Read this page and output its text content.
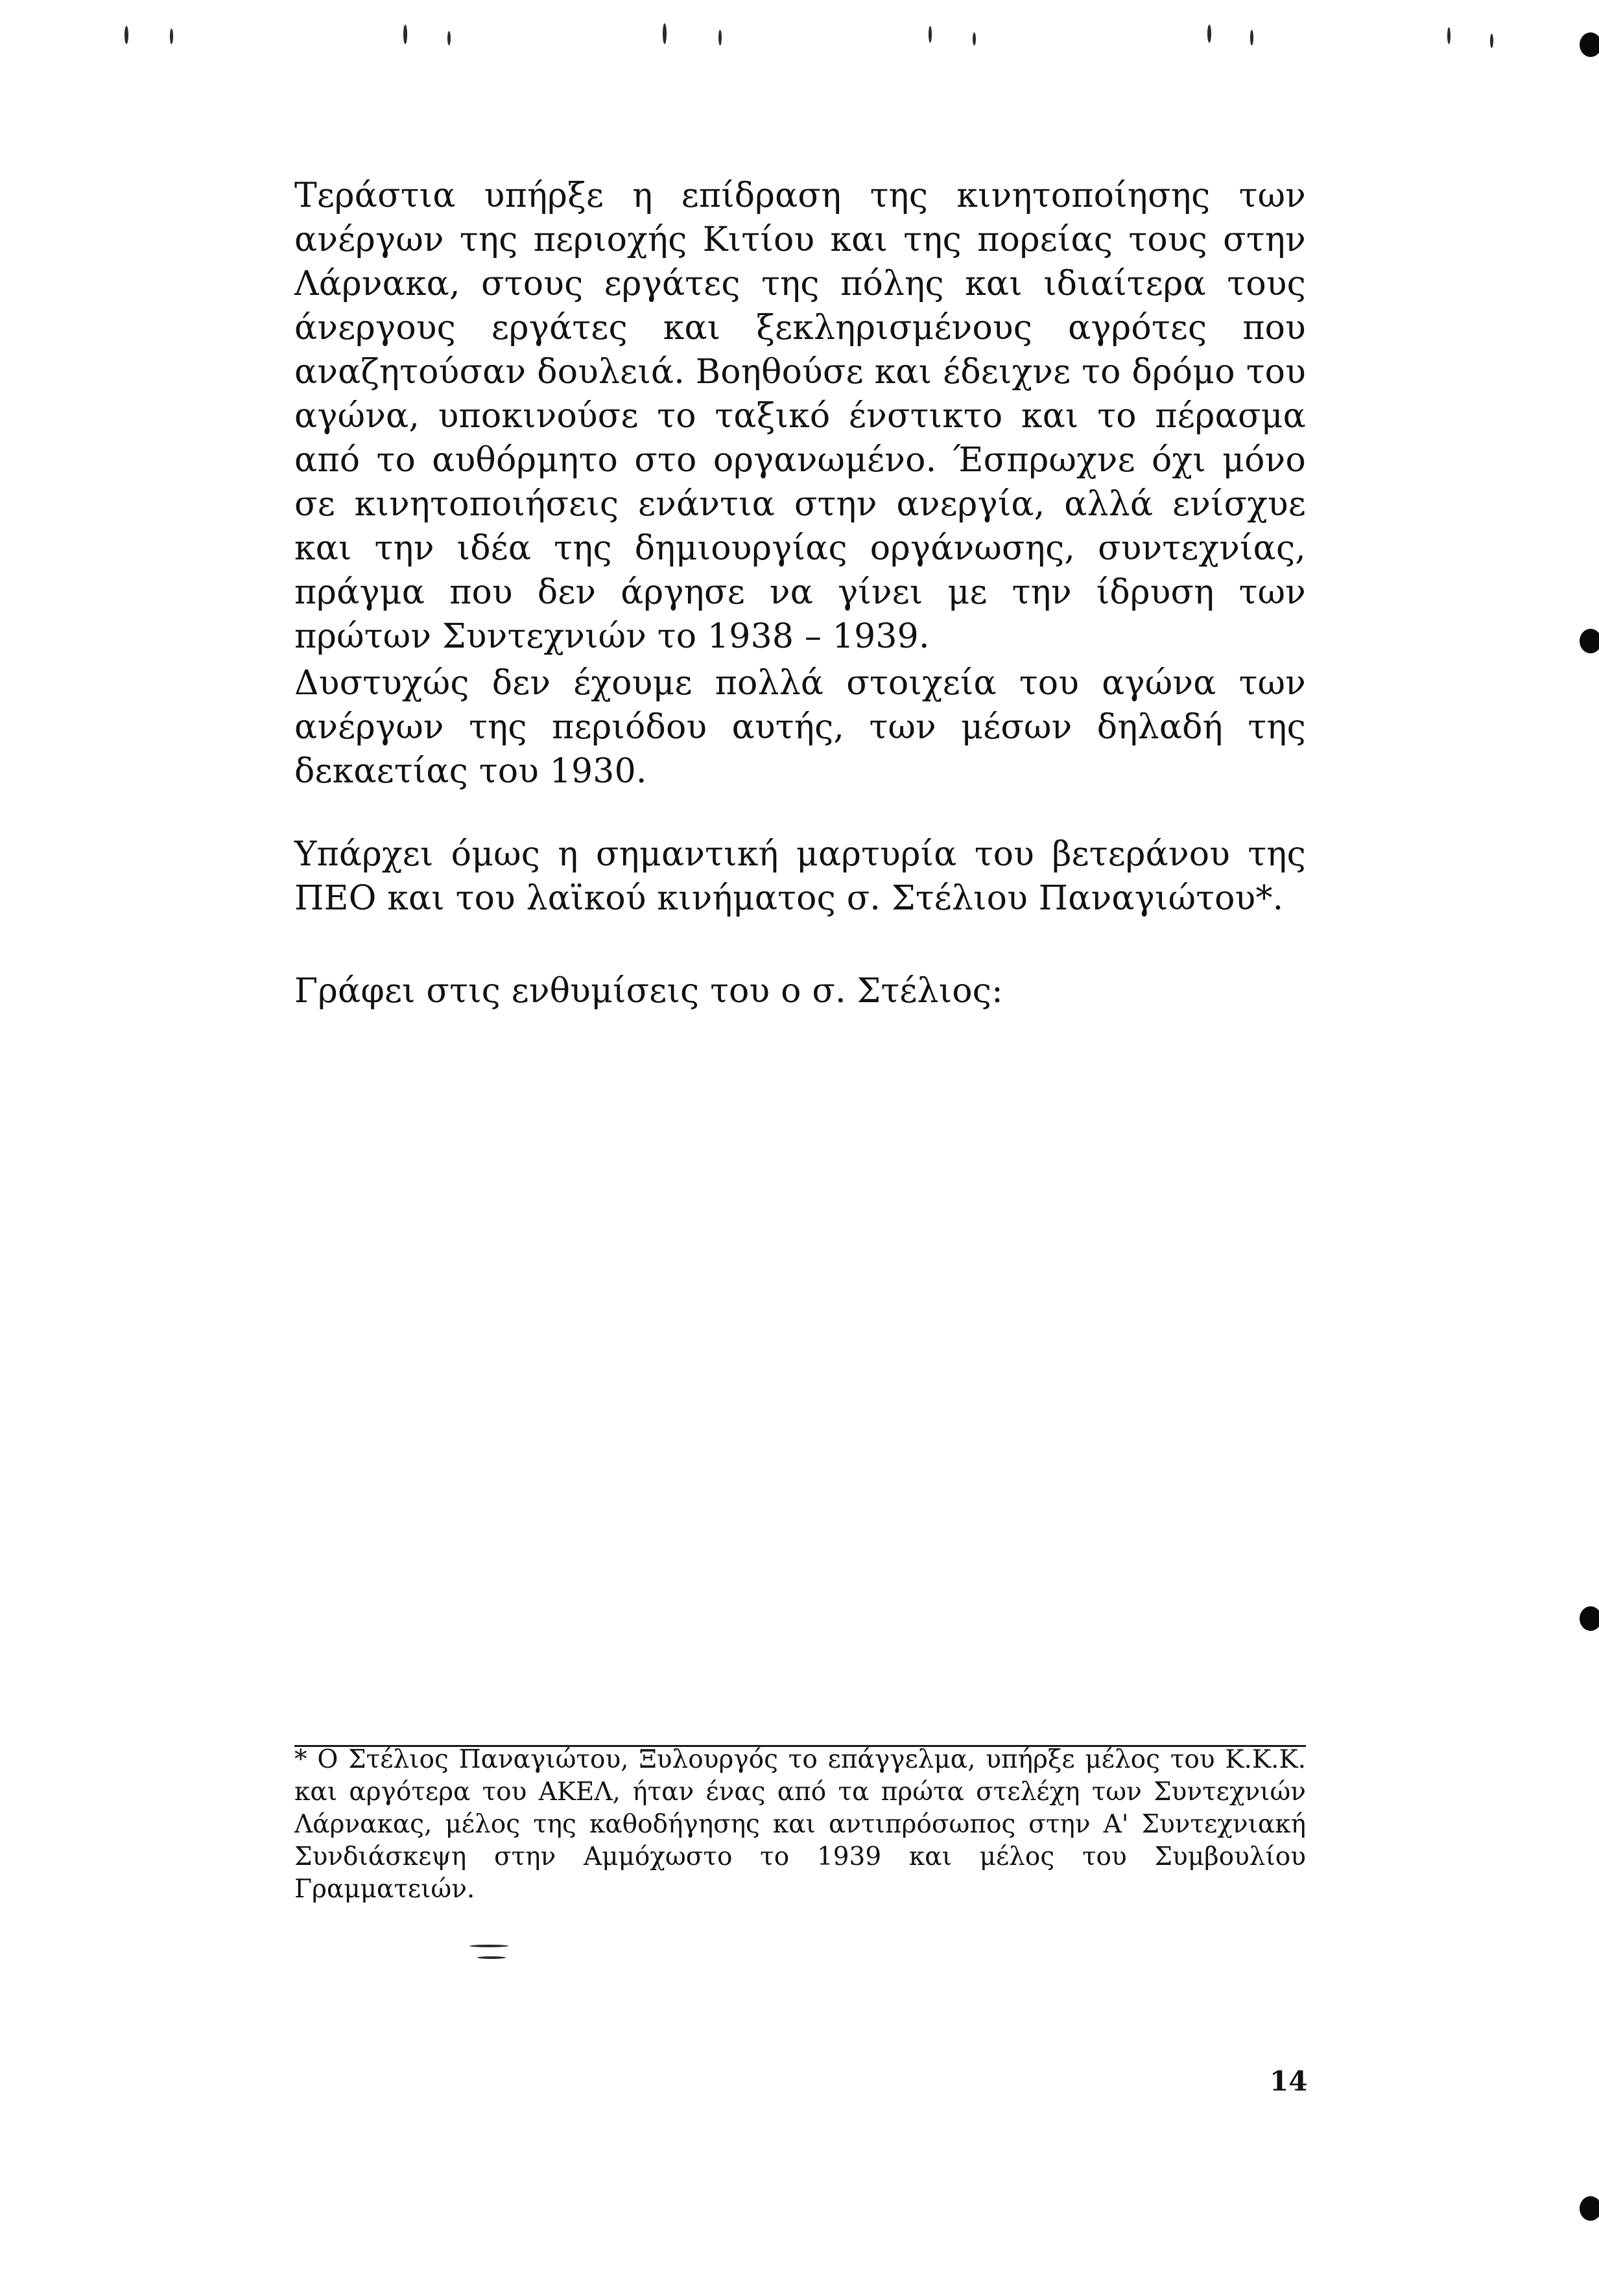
Τεράστια υπήρξε η επίδραση της κινητοποίησης των ανέργων της περιοχής Κιτίου και της πορείας τους στην Λάρνακα, στους εργάτες της πόλης και ιδιαίτερα τους άνεργους εργάτες και ξεκληρισμένους αγρότες που αναζητούσαν δουλειά. Βοηθούσε και έδειχνε το δρόμο του αγώνα, υποκινούσε το ταξικό ένστικτο και το πέρασμα από το αυθόρμητο στο οργανωμένο. Έσπρωχνε όχι μόνο σε κινητοποιήσεις ενάντια στην ανεργία, αλλά ενίσχυε και την ιδέα της δημιουργίας οργάνωσης, συντεχνίας, πράγμα που δεν άργησε να γίνει με την ίδρυση των πρώτων Συντεχνιών το 1938 – 1939.

Δυστυχώς δεν έχουμε πολλά στοιχεία του αγώνα των ανέργων της περιόδου αυτής, των μέσων δηλαδή της δεκαετίας του 1930.

Υπάρχει όμως η σημαντική μαρτυρία του βετεράνου της ΠΕΟ και του λαϊκού κινήματος σ. Στέλιου Παναγιώτου*.

Γράφει στις ενθυμίσεις του ο σ. Στέλιος:

* Ο Στέλιος Παναγιώτου, Ξυλουργός το επάγγελμα, υπήρξε μέλος του Κ.Κ.Κ. και αργότερα του ΑΚΕΛ, ήταν ένας από τα πρώτα στελέχη των Συντεχνιών Λάρνακας, μέλος της καθοδήγησης και αντιπρόσωπος στην Α' Συντεχνιακή Συνδιάσκεψη στην Αμμόχωστο το 1939 και μέλος του Συμβουλίου Γραμματειών.

14
